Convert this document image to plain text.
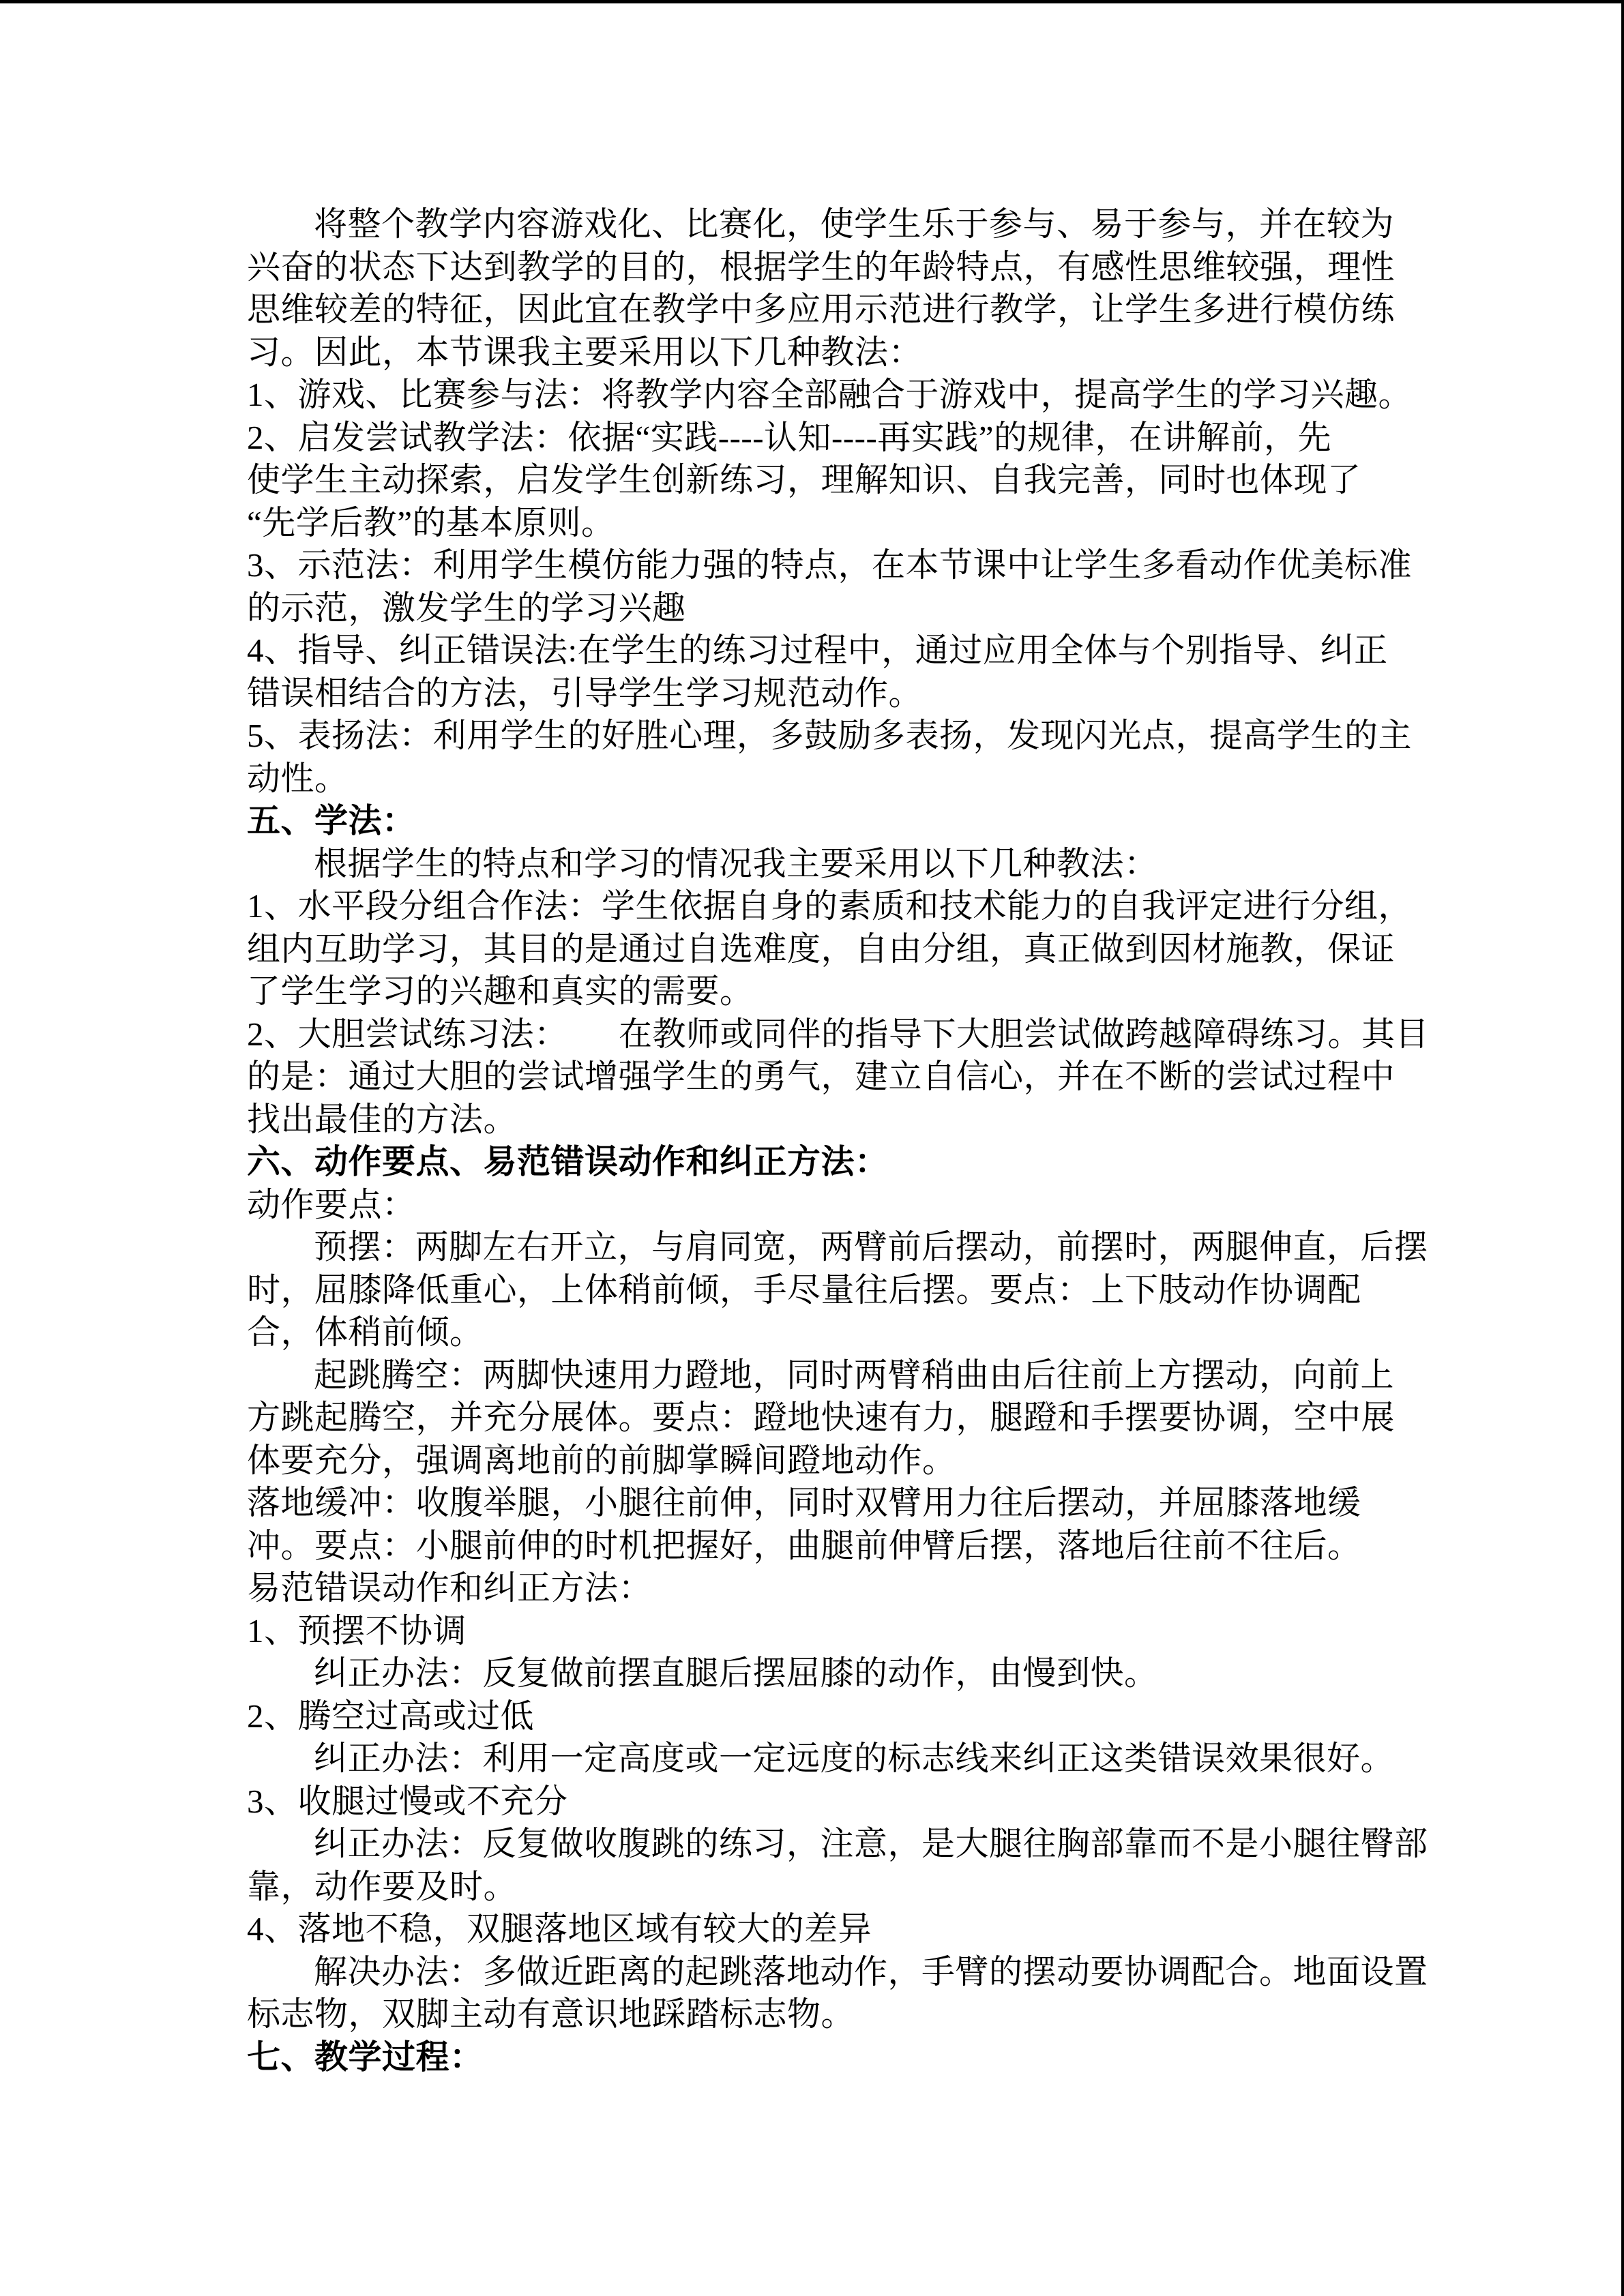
将整个教学内容游戏化、比赛化，使学生乐于参与、易于参与，并在较为
兴奋的状态下达到教学的目的，根据学生的年龄特点，有感性思维较强，理性
思维较差的特征，因此宜在教学中多应用示范进行教学，让学生多进行模仿练
习。因此，本节课我主要采用以下几种教法：
1、游戏、比赛参与法：将教学内容全部融合于游戏中，提高学生的学习兴趣。
2、启发尝试教学法：依据“实践----认知----再实践”的规律，在讲解前，先
使学生主动探索，启发学生创新练习，理解知识、自我完善，同时也体现了
“先学后教”的基本原则。
3、示范法：利用学生模仿能力强的特点，在本节课中让学生多看动作优美标准
的示范，激发学生的学习兴趣
4、指导、纠正错误法:在学生的练习过程中，通过应用全体与个别指导、纠正
错误相结合的方法，引导学生学习规范动作。
5、表扬法：利用学生的好胜心理，多鼓励多表扬，发现闪光点，提高学生的主
动性。
五、学法：
根据学生的特点和学习的情况我主要采用以下几种教法：
1、水平段分组合作法：学生依据自身的素质和技术能力的自我评定进行分组，
组内互助学习，其目的是通过自选难度，自由分组，真正做到因材施教，保证
了学生学习的兴趣和真实的需要。
2、大胆尝试练习法：　　在教师或同伴的指导下大胆尝试做跨越障碍练习。其目
的是：通过大胆的尝试增强学生的勇气，建立自信心，并在不断的尝试过程中
找出最佳的方法。
六、动作要点、易范错误动作和纠正方法：
动作要点：
预摆：两脚左右开立，与肩同宽，两臂前后摆动，前摆时，两腿伸直，后摆
时，屈膝降低重心，上体稍前倾，手尽量往后摆。要点：上下肢动作协调配
合，体稍前倾。
起跳腾空：两脚快速用力蹬地，同时两臂稍曲由后往前上方摆动，向前上
方跳起腾空，并充分展体。要点：蹬地快速有力，腿蹬和手摆要协调，空中展
体要充分，强调离地前的前脚掌瞬间蹬地动作。
落地缓冲：收腹举腿，小腿往前伸，同时双臂用力往后摆动，并屈膝落地缓
冲。要点：小腿前伸的时机把握好，曲腿前伸臂后摆，落地后往前不往后。
易范错误动作和纠正方法：
1、预摆不协调
纠正办法：反复做前摆直腿后摆屈膝的动作，由慢到快。
2、腾空过高或过低
纠正办法：利用一定高度或一定远度的标志线来纠正这类错误效果很好。
3、收腿过慢或不充分
纠正办法：反复做收腹跳的练习，注意，是大腿往胸部靠而不是小腿往臀部
靠，动作要及时。
4、落地不稳，双腿落地区域有较大的差异
解决办法：多做近距离的起跳落地动作，手臂的摆动要协调配合。地面设置
标志物，双脚主动有意识地踩踏标志物。
七、教学过程：
